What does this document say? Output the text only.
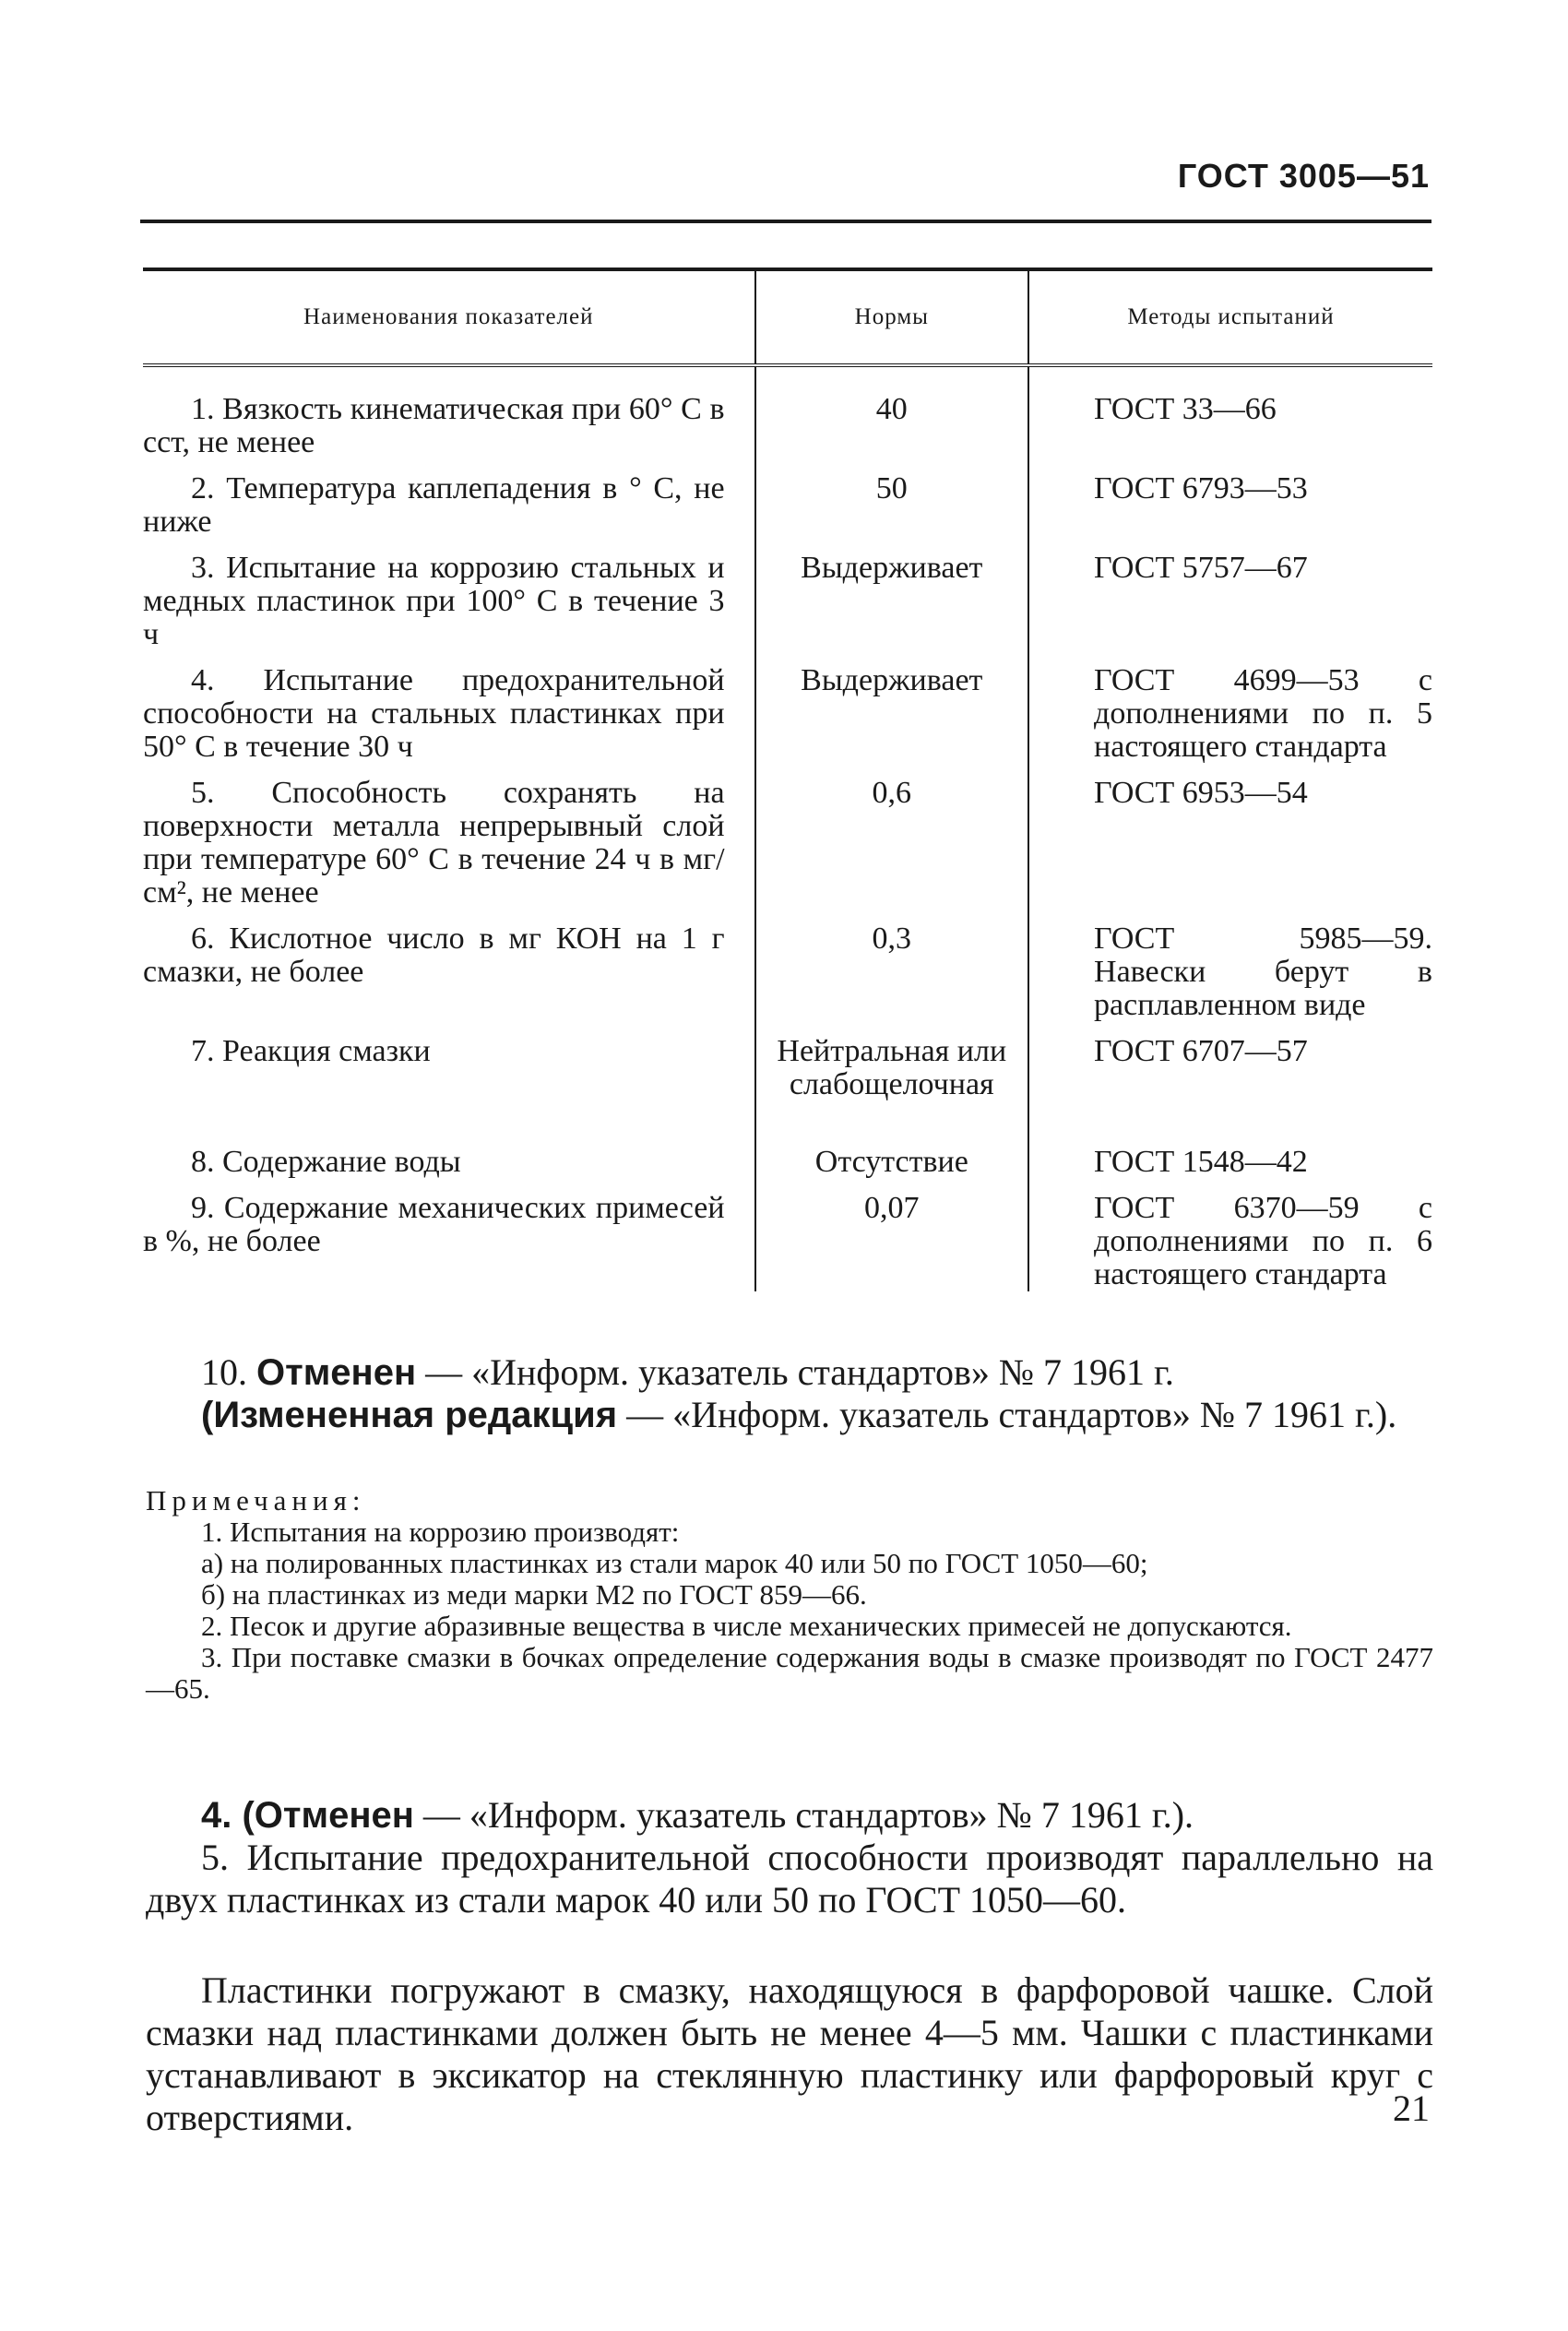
ГОСТ 3005—51
Наименования показателей	Нормы	Методы испытаний

1. Вязкость кинематическая при 60° С в сст, не менее	40	ГОСТ 33—66

2. Температура каплепадения в ° С, не ниже	50	ГОСТ 6793—53

3. Испытание на коррозию стальных и медных пластинок при 100° С в течение 3 ч	Выдерживает	ГОСТ 5757—67

4. Испытание предохранительной способности на стальных пластинках при 50° С в течение 30 ч	Выдерживает	ГОСТ 4699—53 с дополнениями по п. 5 настоящего стандарта

5. Способность сохранять на поверхности металла непрерывный слой при температуре 60° С в течение 24 ч в мг/см², не менее	0,6	ГОСТ 6953—54

6. Кислотное число в мг КОН на 1 г смазки, не более	0,3	ГОСТ 5985—59. Навески берут в расплавленном виде

7. Реакция смазки	Нейтральная или слабощелочная	ГОСТ 6707—57

8. Содержание воды	Отсутствие	ГОСТ 1548—42

9. Содержание механических примесей в %, не более	0,07	ГОСТ 6370—59 с дополнениями по п. 6 настоящего стандарта

10. Отменен — «Информ. указатель стандартов» № 7 1961 г.

(Измененная редакция — «Информ. указатель стандартов» № 7 1961 г.).

Примечания:

1. Испытания на коррозию производят:

а) на полированных пластинках из стали марок 40 или 50 по ГОСТ 1050—60;

б) на пластинках из меди марки М2 по ГОСТ 859—66.

2. Песок и другие абразивные вещества в числе механических примесей не допускаются.

3. При поставке смазки в бочках определение содержания воды в смазке производят по ГОСТ 2477—65.

4. (Отменен — «Информ. указатель стандартов» № 7 1961 г.).

5. Испытание предохранительной способности производят параллельно на двух пластинках из стали марок 40 или 50 по ГОСТ 1050—60.

Пластинки погружают в смазку, находящуюся в фарфоровой чашке. Слой смазки над пластинками должен быть не менее 4—5 мм. Чашки с пластинками устанавливают в эксикатор на стеклянную пластинку или фарфоровый круг с отверстиями.	21
